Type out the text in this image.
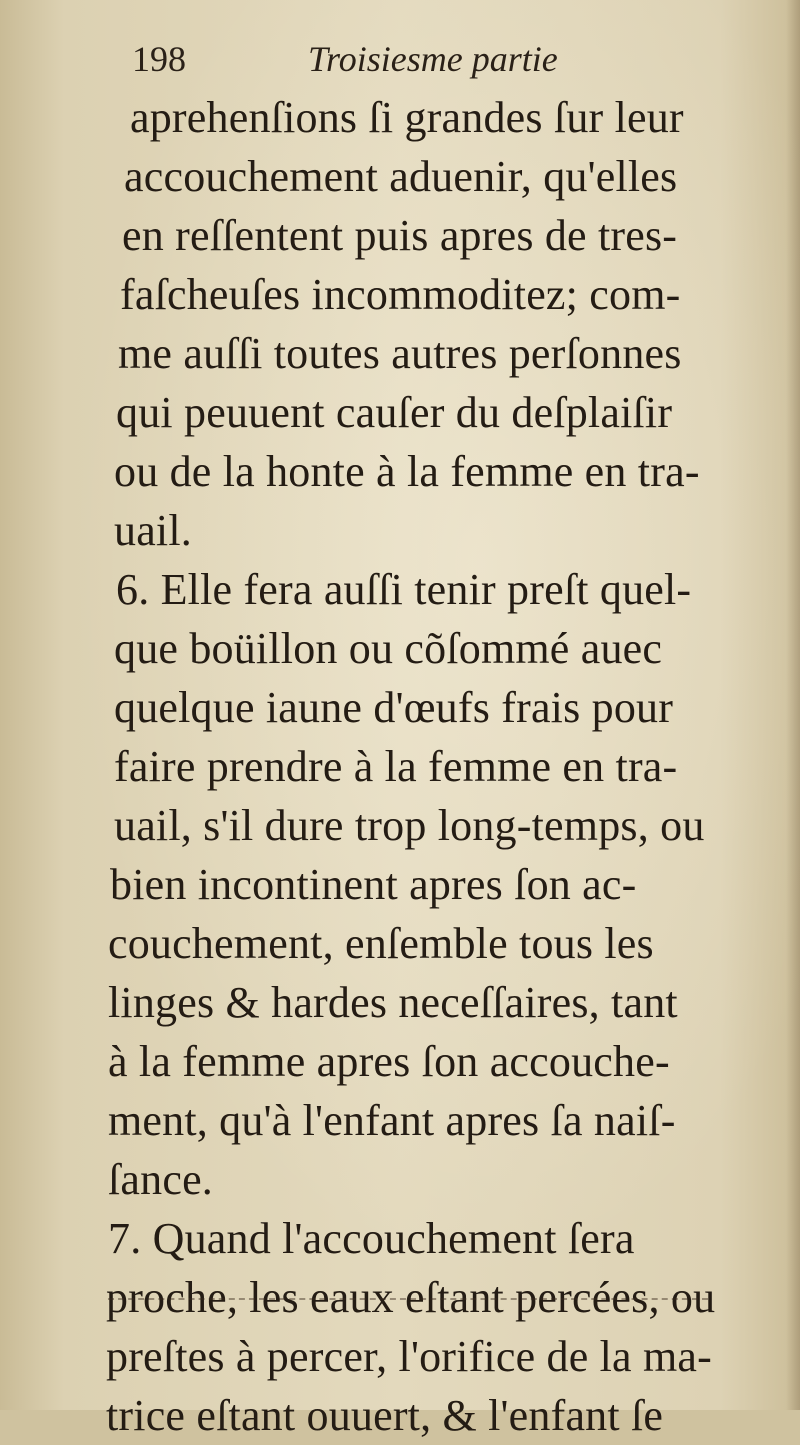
198	Troisiesme partie
aprehenſions ſi grandes ſur leur
accouchement aduenir, qu'elles
en reſſentent puis apres de tres-
faſcheuſes incommoditez; com-
me auſſi toutes autres perſonnes
qui peuuent cauſer du deſplaiſir
ou de la honte à la femme en tra-
uail.
6. Elle fera auſſi tenir preſt quel-
que boüillon ou cõſommé auec
quelque iaune d'œufs frais pour
faire prendre à la femme en tra-
uail, s'il dure trop long-temps, ou
bien incontinent apres ſon ac-
couchement, enſemble tous les
linges & hardes neceſſaires, tant
à la femme apres ſon accouche-
ment, qu'à l'enfant apres ſa naiſ-
ſance.
7. Quand l'accouchement ſera
proche, les eaux eſtant percées, ou
preſtes à percer, l'orifice de la ma-
trice eſtant ouuert, & l'enfant ſe
